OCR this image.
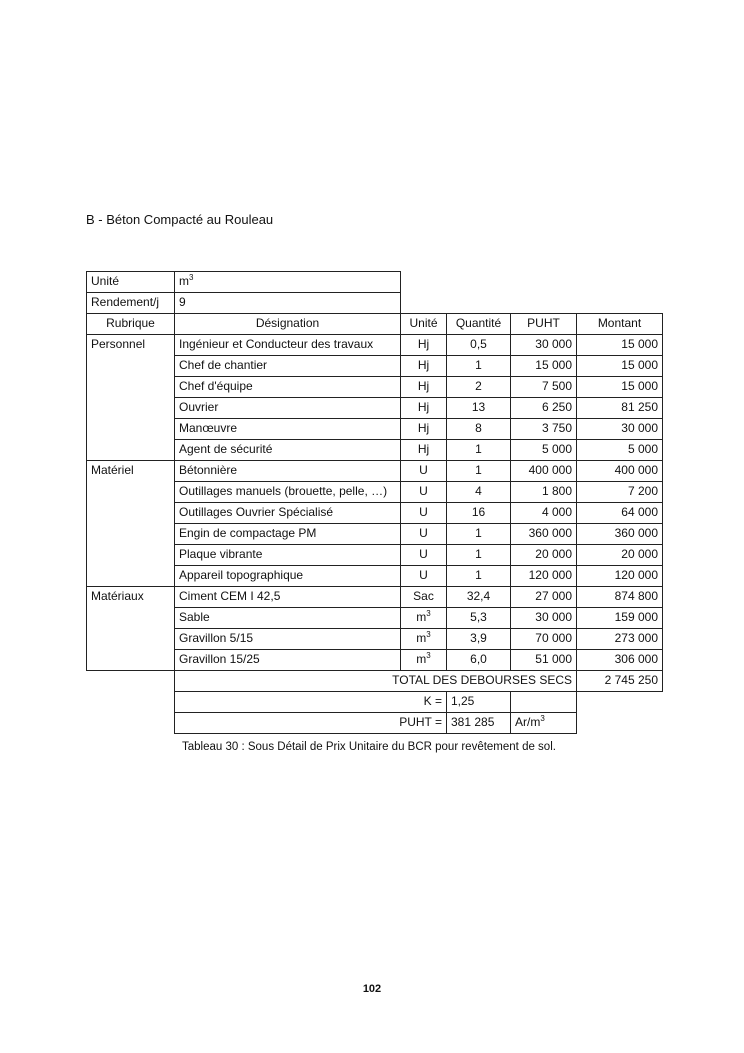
B - Béton Compacté au Rouleau
Unité	$m^3$
Rendement/j	9
Rubrique	Désignation	Unité	Quantité	PUHT	Montant
Personnel	Ingénieur et Conducteur des travaux	Hj	0,5	30 000	15 000
Chef de chantier	Hj	1	15 000	15 000
Chef d'équipe	Hj	2	7 500	15 000
Ouvrier	Hj	13	6 250	81 250
Manœuvre	Hj	8	3 750	30 000
Agent de sécurité	Hj	1	5 000	5 000
Matériel	Bétonnière	U	1	400 000	400 000
Outillages manuels (brouette, pelle, …)	U	4	1 800	7 200
Outillages Ouvrier Spécialisé	U	16	4 000	64 000
Engin de compactage PM	U	1	360 000	360 000
Plaque vibrante	U	1	20 000	20 000
Appareil topographique	U	1	120 000	120 000
Matériaux	Ciment CEM I 42,5	Sac	32,4	27 000	874 800
Sable	$m^3$	5,3	30 000	159 000
Gravillon 5/15	$m^3$	3,9	70 000	273 000
Gravillon 15/25	$m^3$	6,0	51 000	306 000
TOTAL DES DEBOURSES SECS	2 745 250
K = 1,25
PUHT = 381 285	$Ar/m^3$
Tableau 30 : Sous Détail de Prix Unitaire du BCR pour revêtement de sol.
102
